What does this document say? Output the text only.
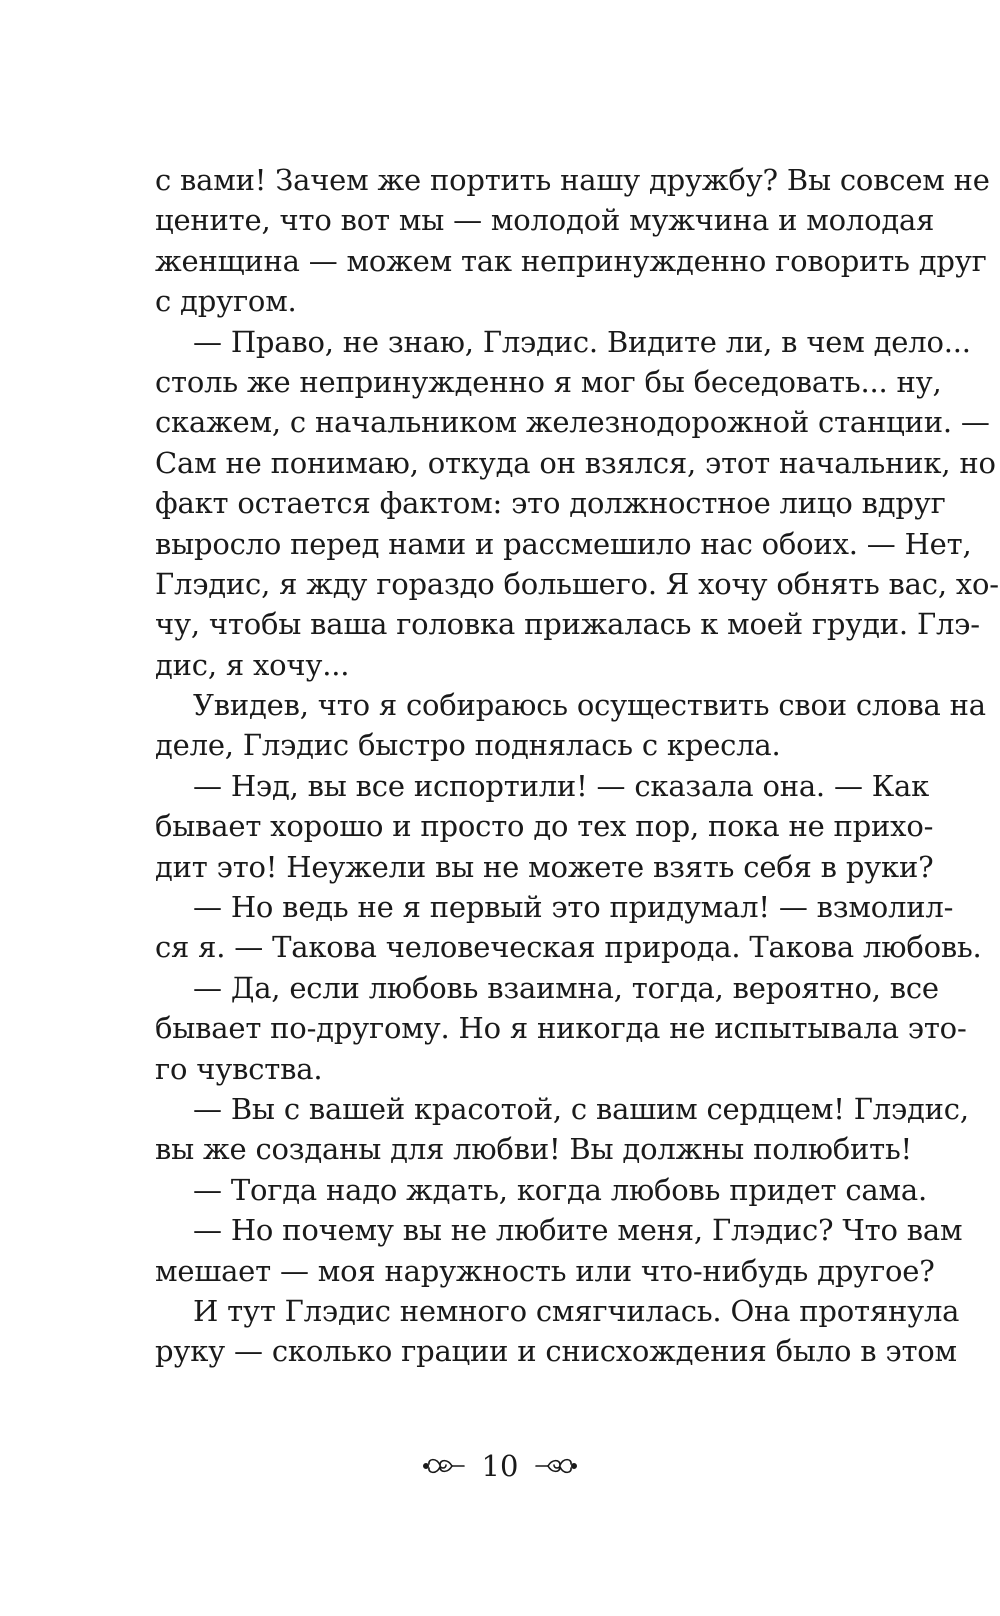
с вами! Зачем же портить нашу дружбу? Вы совсем не
цените, что вот мы — молодой мужчина и молодая
женщина — можем так непринужденно говорить друг
с другом.
— Право, не знаю, Глэдис. Видите ли, в чем дело...
столь же непринужденно я мог бы беседовать... ну,
скажем, с начальником железнодорожной станции. —
Сам не понимаю, откуда он взялся, этот начальник, но
факт остается фактом: это должностное лицо вдруг
выросло перед нами и рассмешило нас обоих. — Нет,
Глэдис, я жду гораздо большего. Я хочу обнять вас, хо-
чу, чтобы ваша головка прижалась к моей груди. Глэ-
дис, я хочу...
Увидев, что я собираюсь осуществить свои слова на
деле, Глэдис быстро поднялась с кресла.
— Нэд, вы все испортили! — сказала она. — Как
бывает хорошо и просто до тех пор, пока не прихо-
дит это! Неужели вы не можете взять себя в руки?
— Но ведь не я первый это придумал! — взмолил-
ся я. — Такова человеческая природа. Такова любовь.
— Да, если любовь взаимна, тогда, вероятно, все
бывает по-другому. Но я никогда не испытывала это-
го чувства.
— Вы с вашей красотой, с вашим сердцем! Глэдис,
вы же созданы для любви! Вы должны полюбить!
— Тогда надо ждать, когда любовь придет сама.
— Но почему вы не любите меня, Глэдис? Что вам
мешает — моя наружность или что-нибудь другое?
И тут Глэдис немного смягчилась. Она протянула
руку — сколько грации и снисхождения было в этом
10
